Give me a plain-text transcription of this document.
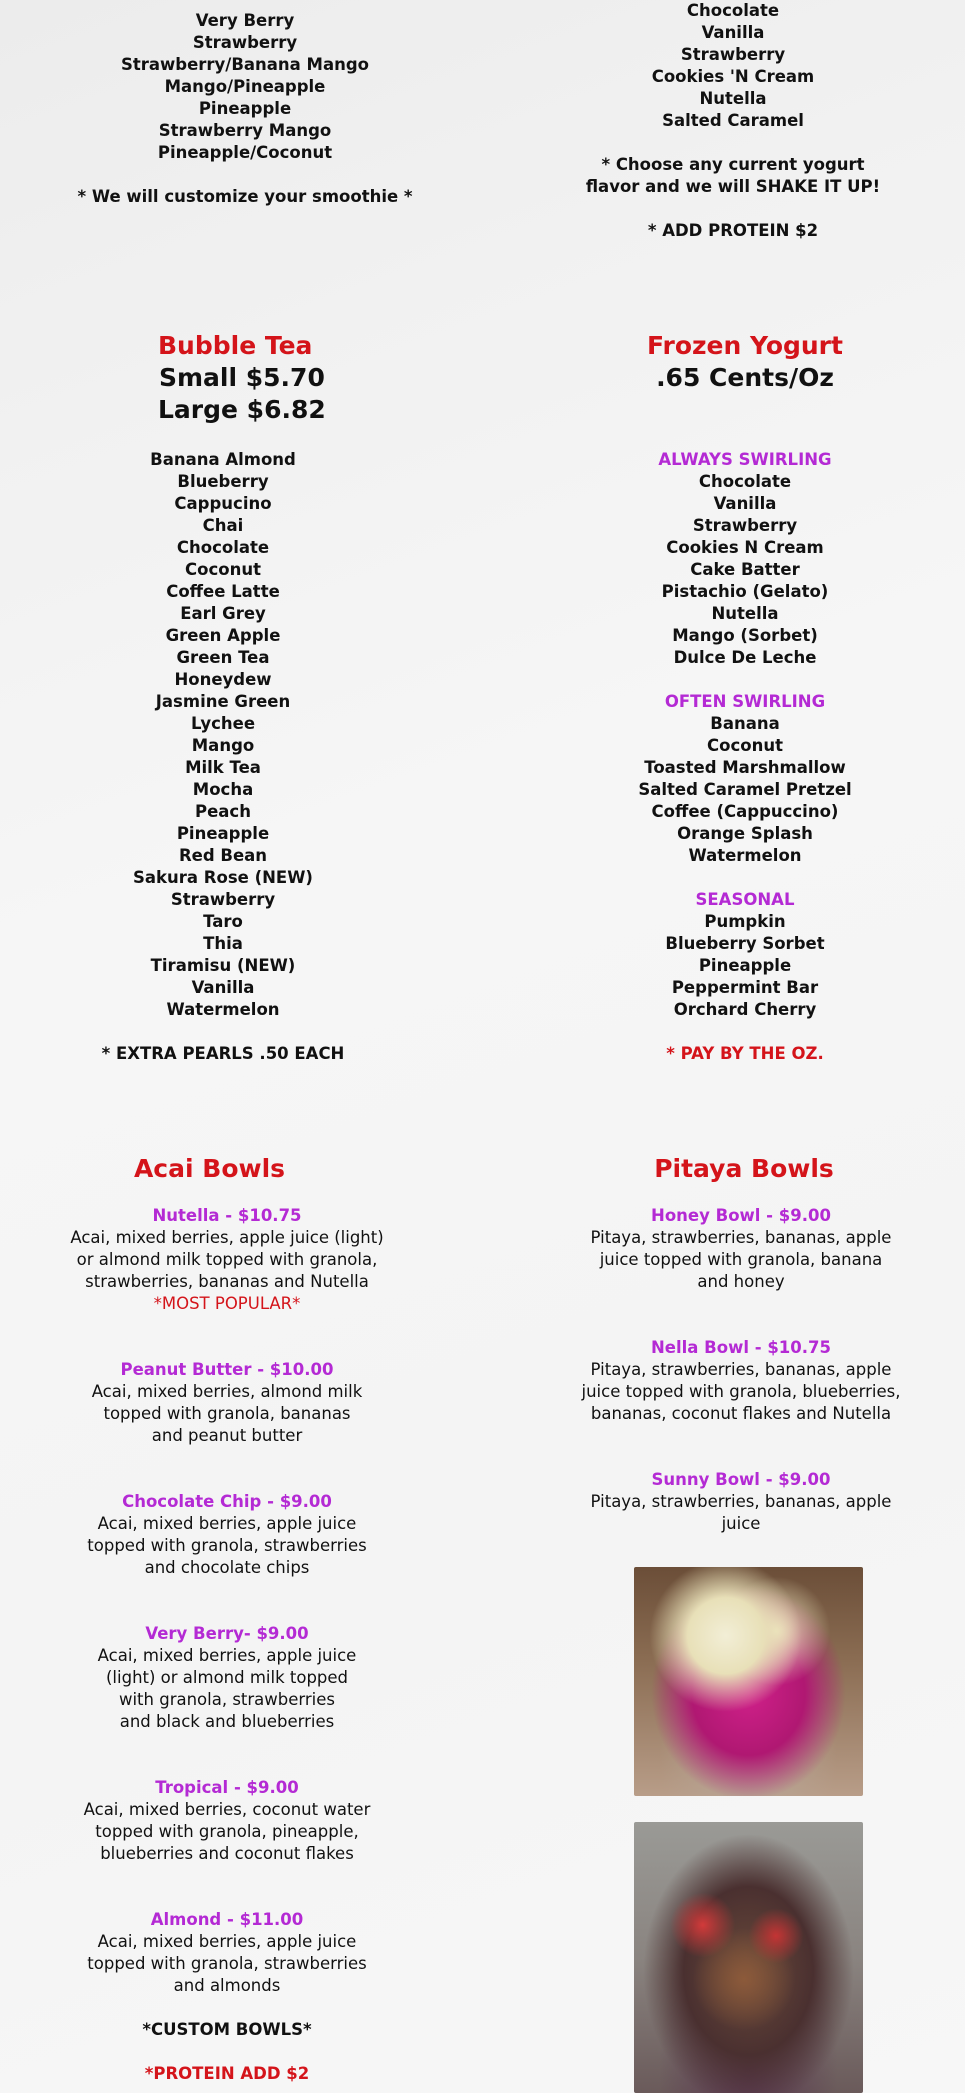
Very Berry
Strawberry
Strawberry/Banana Mango
Mango/Pineapple
Pineapple
Strawberry Mango
Pineapple/Coconut
* We will customize your smoothie *
Chocolate
Vanilla
Strawberry
Cookies 'N Cream
Nutella
Salted Caramel
* Choose any current yogurt
flavor and we will SHAKE IT UP!
* ADD PROTEIN $2
Bubble Tea
Small $5.70
Large $6.82
Banana Almond
Blueberry
Cappucino
Chai
Chocolate
Coconut
Coffee Latte
Earl Grey
Green Apple
Green Tea
Honeydew
Jasmine Green
Lychee
Mango
Milk Tea
Mocha
Peach
Pineapple
Red Bean
Sakura Rose (NEW)
Strawberry
Taro
Thia
Tiramisu (NEW)
Vanilla
Watermelon
* EXTRA PEARLS .50 EACH
Frozen Yogurt
.65 Cents/Oz
ALWAYS SWIRLING
Chocolate
Vanilla
Strawberry
Cookies N Cream
Cake Batter
Pistachio (Gelato)
Nutella
Mango (Sorbet)
Dulce De Leche
OFTEN SWIRLING
Banana
Coconut
Toasted Marshmallow
Salted Caramel Pretzel
Coffee (Cappuccino)
Orange Splash
Watermelon
SEASONAL
Pumpkin
Blueberry Sorbet
Pineapple
Peppermint Bar
Orchard Cherry
* PAY BY THE OZ.
Acai Bowls
Nutella - $10.75
Acai, mixed berries, apple juice (light)
or almond milk topped with granola,
strawberries, bananas and Nutella
*MOST POPULAR*
Peanut Butter - $10.00
Acai, mixed berries, almond milk
topped with granola, bananas
and peanut butter
Chocolate Chip - $9.00
Acai, mixed berries, apple juice
topped with granola, strawberries
and chocolate chips
Very Berry- $9.00
Acai, mixed berries, apple juice
(light) or almond milk topped
with granola, strawberries
and black and blueberries
Tropical - $9.00
Acai, mixed berries, coconut water
topped with granola, pineapple,
blueberries and coconut flakes
Almond - $11.00
Acai, mixed berries, apple juice
topped with granola, strawberries
and almonds
*CUSTOM BOWLS*
*PROTEIN ADD $2
Pitaya Bowls
Honey Bowl - $9.00
Pitaya, strawberries, bananas, apple
juice topped with granola, banana
and honey
Nella Bowl - $10.75
Pitaya, strawberries, bananas, apple
juice topped with granola, blueberries,
bananas, coconut flakes and Nutella
Sunny Bowl - $9.00
Pitaya, strawberries, bananas, apple
juice
